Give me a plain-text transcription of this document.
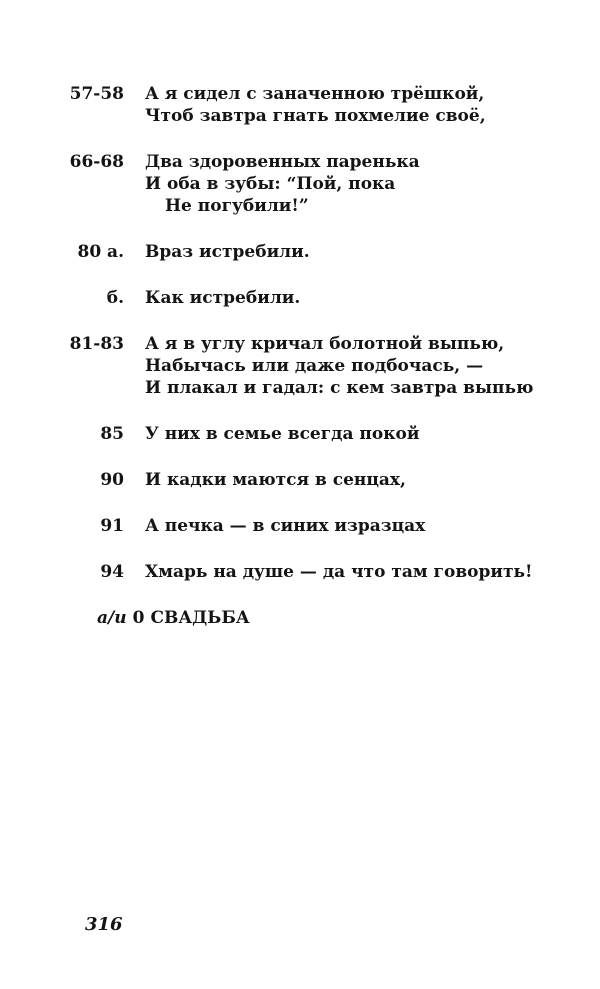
57-58 А я сидел с заначенною трёшкой,
Чтоб завтра гнать похмелие своё,
66-68 Два здоровенных паренька
И оба в зубы: “Пой, пока
Не погубили!”
80 а. Враз истребили.
б. Как истребили.
81-83 А я в углу кричал болотной выпью,
Набычась или даже подбочась, —
И плакал и гадал: с кем завтра выпью
85 У них в семье всегда покой
90 И кадки маются в сенцах,
91 А печка — в синих изразцах
94 Хмарь на душе — да что там говорить!
а/и 0 СВАДЬБА
316
